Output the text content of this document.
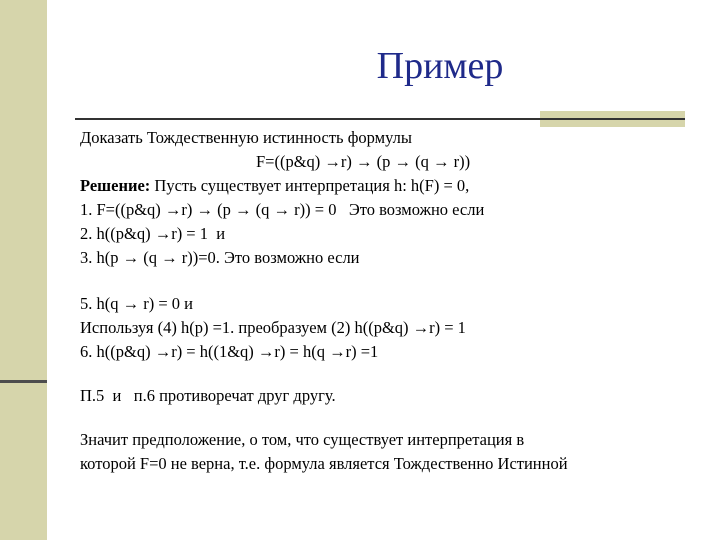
Пример
Доказать Тождественную истинность формулы
F=((p&q) →r) → (p → (q → r))
Решение: Пусть существует интерпретация h: h(F) = 0,
1. F=((p&q) →r) → (p → (q → r)) = 0   Это возможно если
2. h((p&q) →r) = 1  и
3. h(p → (q → r))=0. Это возможно если
5. h(q → r) = 0 и
Используя (4) h(p) =1. преобразуем (2) h((p&q) →r) = 1
6. h((p&q) →r) = h((1&q) →r) = h(q →r) =1
П.5  и   п.6 противоречат друг другу.
Значит предположение, о том, что существует интерпретация в
которой F=0 не верна, т.е. формула является Тождественно Истинной
